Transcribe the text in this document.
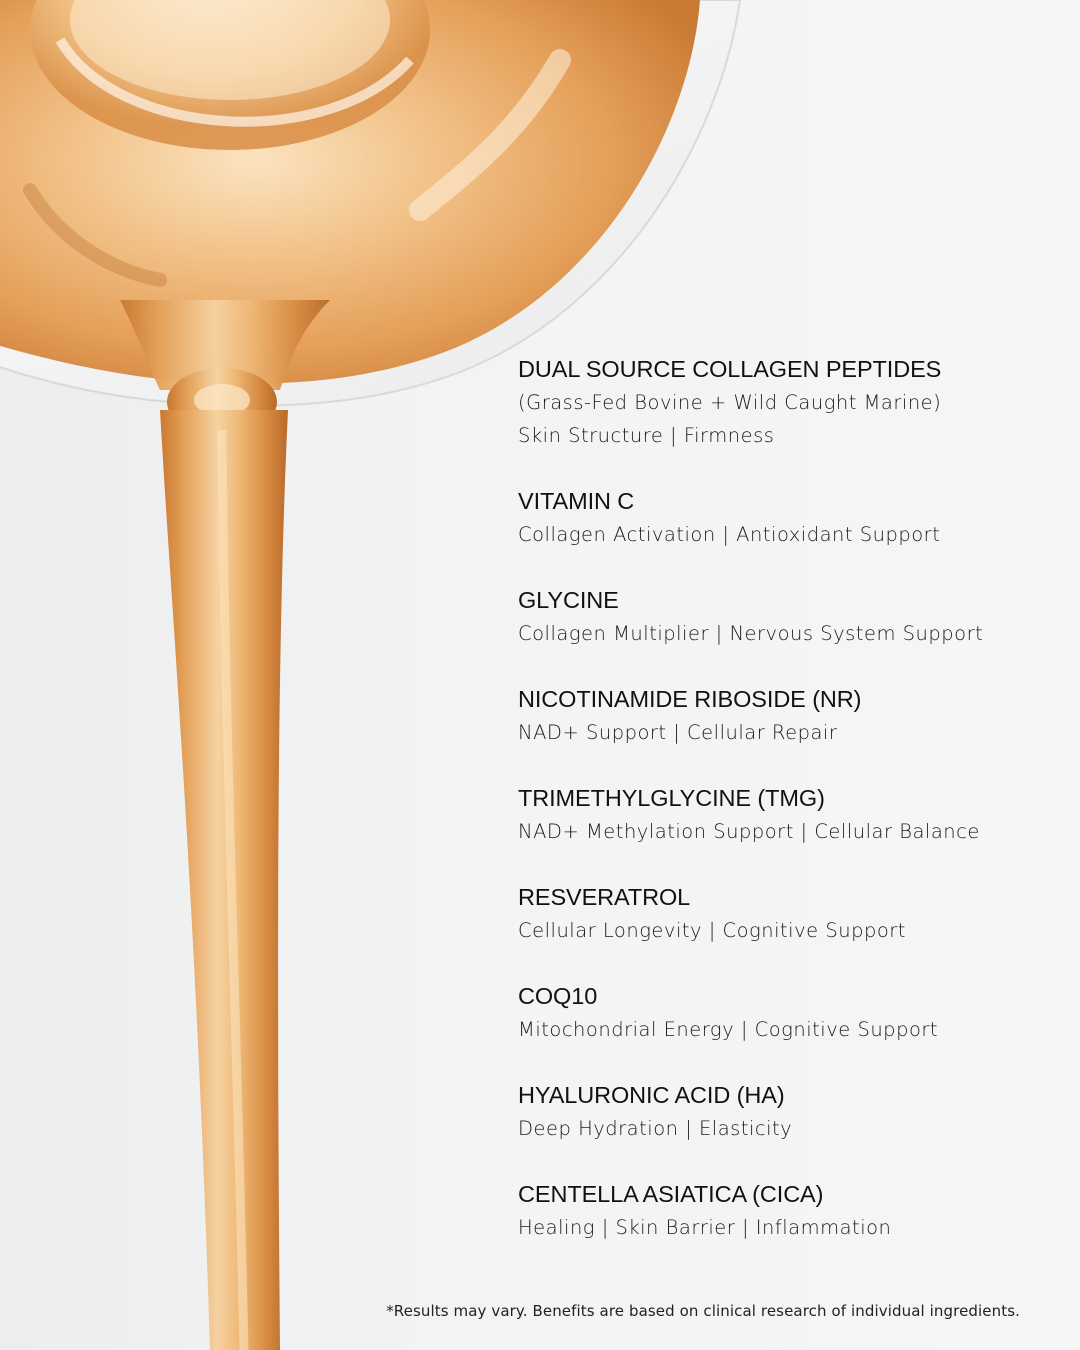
DUAL SOURCE COLLAGEN PEPTIDES
(Grass-Fed Bovine + Wild Caught Marine)
Skin Structure | Firmness
VITAMIN C
Collagen Activation | Antioxidant Support
GLYCINE
Collagen Multiplier | Nervous System Support
NICOTINAMIDE RIBOSIDE (NR)
NAD+ Support | Cellular Repair
TRIMETHYLGLYCINE (TMG)
NAD+ Methylation Support | Cellular Balance
RESVERATROL
Cellular Longevity | Cognitive Support
COQ10
Mitochondrial Energy | Cognitive Support
HYALURONIC ACID (HA)
Deep Hydration | Elasticity
CENTELLA ASIATICA (CICA)
Healing | Skin Barrier | Inflammation
*Results may vary. Benefits are based on clinical research of individual ingredients.
